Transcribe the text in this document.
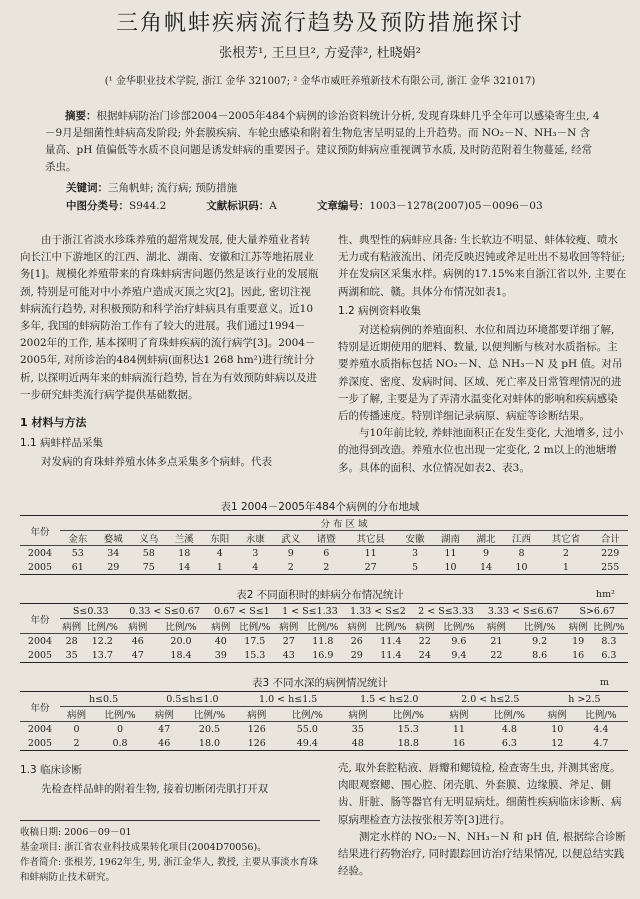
三角帆蚌疾病流行趋势及预防措施探讨
张根芳¹, 王旦旦², 方爱萍², 杜晓娟²
(¹ 金华职业技术学院, 浙江 金华 321007; ² 金华市威旺养殖新技术有限公司, 浙江 金华 321017)
摘要：根据蚌病防治门诊部2004－2005年484个病例的诊治资料统计分析, 发现育珠蚌几乎全年可以感染寄生虫, 4－9月是细菌性蚌病高发阶段; 外套膜疾病、车轮虫感染和附着生物危害呈明显的上升趋势。而 NO₂－N、NH₃－N 含量高、pH 值偏低等水质不良问题是诱发蚌病的重要因子。建议预防蚌病应重视调节水质, 及时防范附着生物蔓延, 经常杀虫。
关键词：三角帆蚌; 流行病; 预防措施
中图分类号：S944.2	文献标识码：A	文章编号：1003－1278(2007)05－0096－03

由于浙江省淡水珍珠养殖的超常规发展, 使大量养殖业者转向长江中下游地区的江西、湖北、湖南、安徽和江苏等地拓展业务[1]。规模化养殖带来的育珠蚌病害问题仍然是该行业的发展瓶颈, 特别是可能对中小养殖户造成灭顶之灾[2]。因此, 密切注视蚌病流行趋势, 对积极预防和科学治疗蚌病具有重要意义。近10多年, 我国的蚌病防治工作有了较大的进展。我们通过1994－2002年的工作, 基本探明了育珠蚌疾病的流行病学[3]。2004－2005年, 对所诊治的484例蚌病(面积达1 268 hm²)进行统计分析, 以探明近两年来的蚌病流行趋势, 旨在为有效预防蚌病以及进一步研究蚌类流行病学提供基础数据。

1 材料与方法
1.1 病蚌样品采集

对发病的育珠蚌养殖水体多点采集多个病蚌。代表

性、典型性的病蚌应具备: 生长软边不明显、蚌体较瘦、喷水无力或有粘液流出、闭壳反映迟钝或斧足吐出不易收回等特征; 并在发病区采集水样。病例的17.15%来自浙江省以外, 主要在两湖和皖、赣。具体分布情况如表1。

1.2 病例资料收集

对送检病例的养殖面积、水位和周边环境都要详细了解, 特别是近期使用的肥料、数量, 以便判断与核对水质指标。主要养殖水质指标包括 NO₂－N、总 NH₃－N 及 pH 值。对吊养深度、密度、发病时间、区域、死亡率及日常管理情况的进一步了解, 主要是为了弄清水温变化对蚌体的影响和疾病感染后的传播速度。特别详细记录病原、病症等诊断结果。

与10年前比较, 养蚌池面积正在发生变化, 大池增多, 过小的池得到改造。养殖水位也出现一定变化, 2 m以上的池塘增多。具体的面积、水位情况如表2、表3。

表1 2004－2005年484个病例的分布地域
年份	分 布 区 域														
	金东	婺城	义乌	兰溪	东阳	永康	武义	诸暨	其它县	安徽	湖南	湖北	江西	其它省	合计
2004	53	34	58	18	4	3	9	6	11	3	11	9	8	2	229
2005	61	29	75	14	1	4	2	2	27	5	10	14	10	1	255
表2 不同面积时的蚌病分布情况统计	hm²
年份	S≤0.33		0.33 < S≤0.67		0.67 < S≤1		1 < S≤1.33		1.33 < S≤2		2 < S≤3.33		3.33 < S≤6.67		S>6.67	
	病例	比例/%	病例	比例/%	病例	比例/%	病例	比例/%	病例	比例/%	病例	比例/%	病例	比例/%	病例	比例/%
2004	28	12.2	46	20.0	40	17.5	27	11.8	26	11.4	22	9.6	21	9.2	19	8.3
2005	35	13.7	47	18.4	39	15.3	43	16.9	29	11.4	24	9.4	22	8.6	16	6.3
表3 不同水深的病例情况统计	m
年份	h≤0.5		0.5≤h≤1.0		1.0 < h≤1.5		1.5 < h≤2.0		2.0 < h≤2.5		h >2.5	
	病例	比例/%	病例	比例/%	病例	比例/%	病例	比例/%	病例	比例/%	病例	比例/%
2004	0	0	47	20.5	126	55.0	35	15.3	11	4.8	10	4.4
2005	2	0.8	46	18.0	126	49.4	48	18.8	16	6.3	12	4.7
1.3 临床诊断

先检查样品蚌的附着生物, 接着切断闭壳肌打开双

壳, 取外套腔粘液、唇瓣和鳃镜检, 检查寄生虫, 并测其密度。肉眼观察鳃、围心腔、闭壳肌、外套膜、边缘膜、斧足、側齿、肝脏、肠等器官有无明显病灶。细菌性疾病临床诊断、病原病理检查方法按张根芳等[3]进行。

测定水样的 NO₂－N、NH₃－N 和 pH 值, 根据综合诊断结果进行药物治疗, 同时跟踪回访治疗结果情况, 以便总结实践经验。

收稿日期: 2006－09－01
基金项目: 浙江省农业科技成果转化项目(2004D70056)。
作者简介: 张根芳, 1962年生, 男, 浙江金华人, 教授, 主要从事淡水育珠和蚌病防止技术研究。
